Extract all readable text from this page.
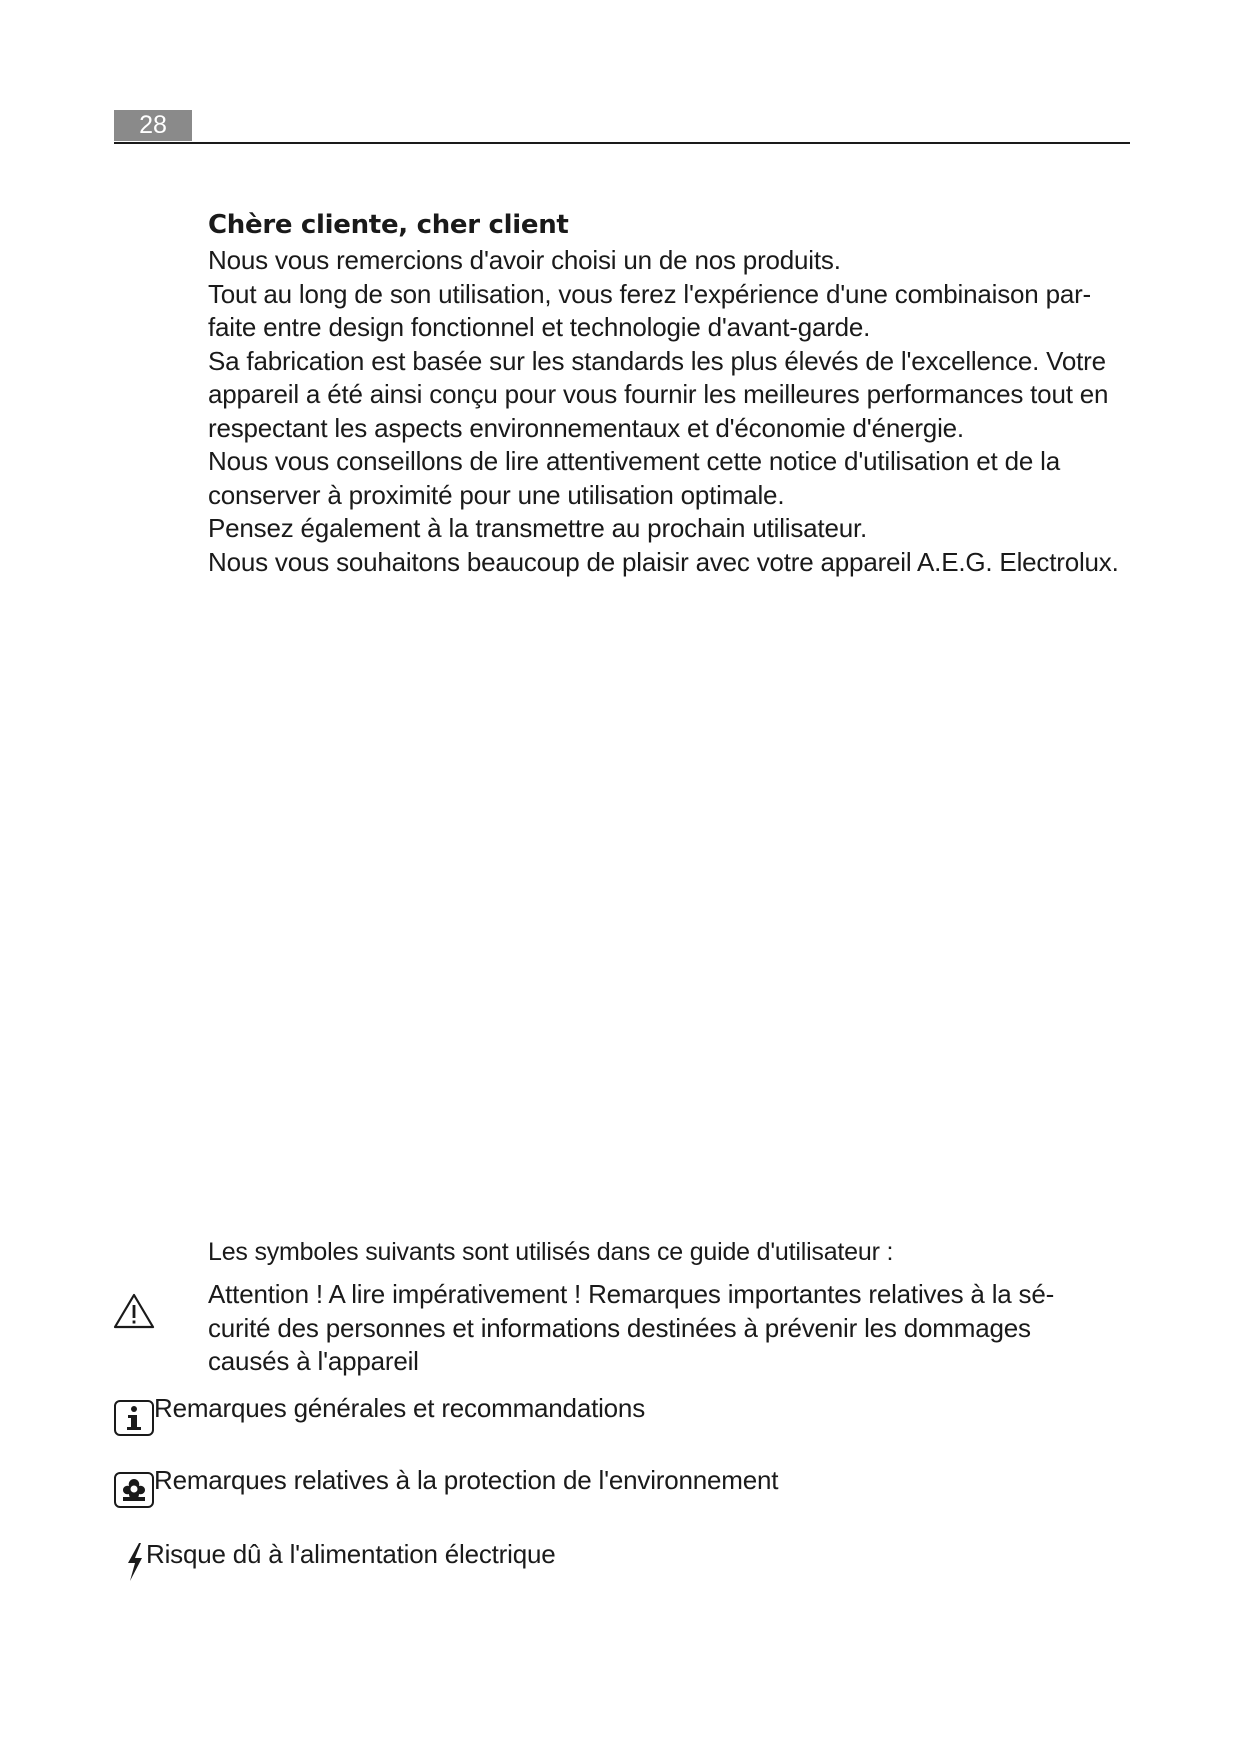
28

Chère cliente, cher client

Nous vous remercions d'avoir choisi un de nos produits.

Tout au long de son utilisation, vous ferez l'expérience d'une combinaison par-faite entre design fonctionnel et technologie d'avant-garde.

Sa fabrication est basée sur les standards les plus élevés de l'excellence. Votre appareil a été ainsi conçu pour vous fournir les meilleures performances tout en respectant les aspects environnementaux et d'économie d'énergie.

Nous vous conseillons de lire attentivement cette notice d'utilisation et de la conserver à proximité pour une utilisation optimale.

Pensez également à la transmettre au prochain utilisateur.

Nous vous souhaitons beaucoup de plaisir avec votre appareil A.E.G. Electrolux.

Les symboles suivants sont utilisés dans ce guide d'utilisateur :
Attention ! A lire impérativement ! Remarques importantes relatives à la sé-curité des personnes et informations destinées à prévenir les dommages causés à l'appareil
Remarques générales et recommandations
Remarques relatives à la protection de l'environnement
Risque dû à l'alimentation électrique
